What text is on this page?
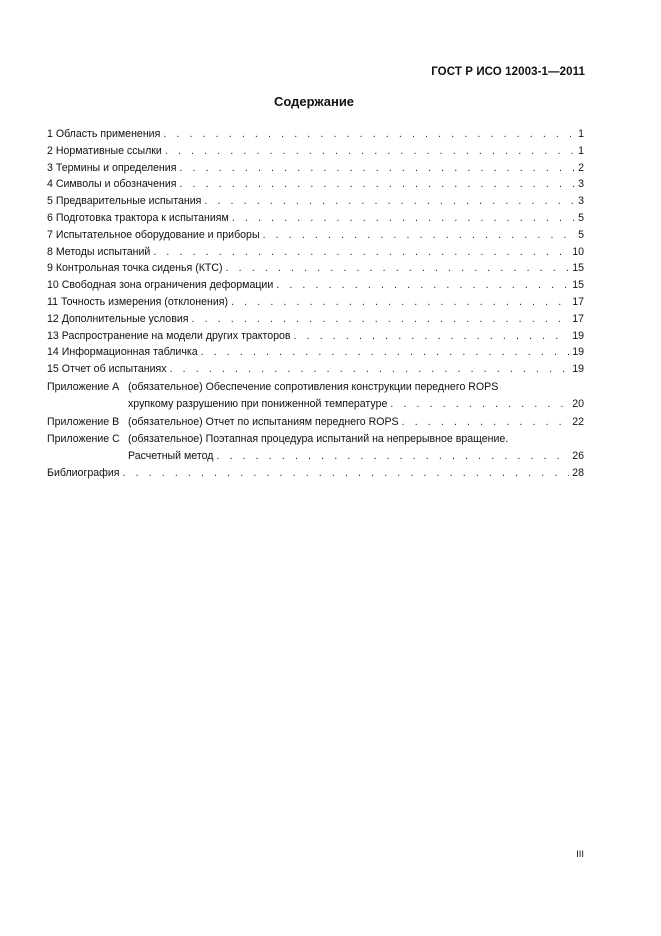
ГОСТ Р ИСО 12003-1—2011
Содержание
1 Область применения . . .	1
2 Нормативные ссылки . . .	1
3 Термины и определения . . .	2
4 Символы и обозначения . . .	3
5 Предварительные испытания . . .	3
6 Подготовка трактора к испытаниям . . .	5
7 Испытательное оборудование и приборы . . .	5
8 Методы испытаний . . .	10
9 Контрольная точка сиденья (КТС) . . .	15
10 Свободная зона ограничения деформации . . .	15
11 Точность измерения (отклонения) . . .	17
12 Дополнительные условия . . .	17
13 Распространение на модели других тракторов . . .	19
14 Информационная табличка . . .	19
15 Отчет об испытаниях . . .	19
Приложение А (обязательное) Обеспечение сопротивления конструкции переднего ROPS
хрупкому разрушению при пониженной температуре . . .	20
Приложение В (обязательное) Отчет по испытаниям переднего ROPS . . .	22
Приложение С (обязательное) Поэтапная процедура испытаний на непрерывное вращение.
Расчетный метод . . .	26
Библиография . . .	28
III
